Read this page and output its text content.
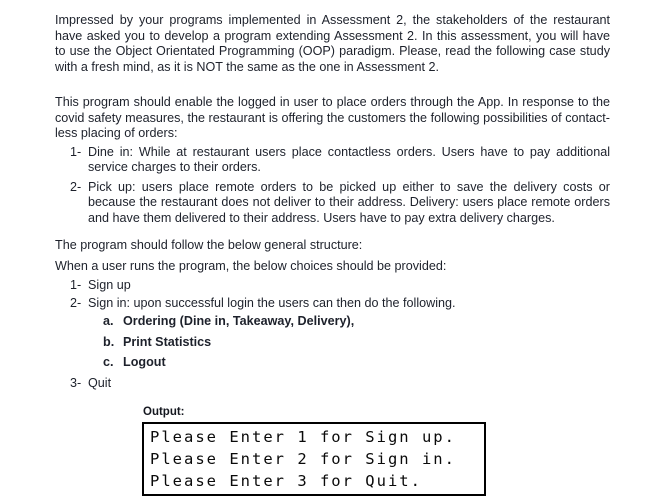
Impressed by your programs implemented in Assessment 2, the stakeholders of the restaurant have asked you to develop a program extending Assessment 2. In this assessment, you will have to use the Object Orientated Programming (OOP) paradigm. Please, read the following case study with a fresh mind, as it is NOT the same as the one in Assessment 2.

This program should enable the logged in user to place orders through the App. In response to the covid safety measures, the restaurant is offering the customers the following possibilities of contact-less placing of orders:

1- Dine in: While at restaurant users place contactless orders. Users have to pay additional service charges to their orders.
2- Pick up: users place remote orders to be picked up either to save the delivery costs or because the restaurant does not deliver to their address. Delivery: users place remote orders and have them delivered to their address. Users have to pay extra delivery charges.

The program should follow the below general structure:

When a user runs the program, the below choices should be provided:

1- Sign up
2- Sign in: upon successful login the users can then do the following.
a. Ordering (Dine in, Takeaway, Delivery),
b. Print Statistics
c. Logout
3- Quit
Output:
Please Enter 1 for Sign up.
Please Enter 2 for Sign in.
Please Enter 3 for Quit.
